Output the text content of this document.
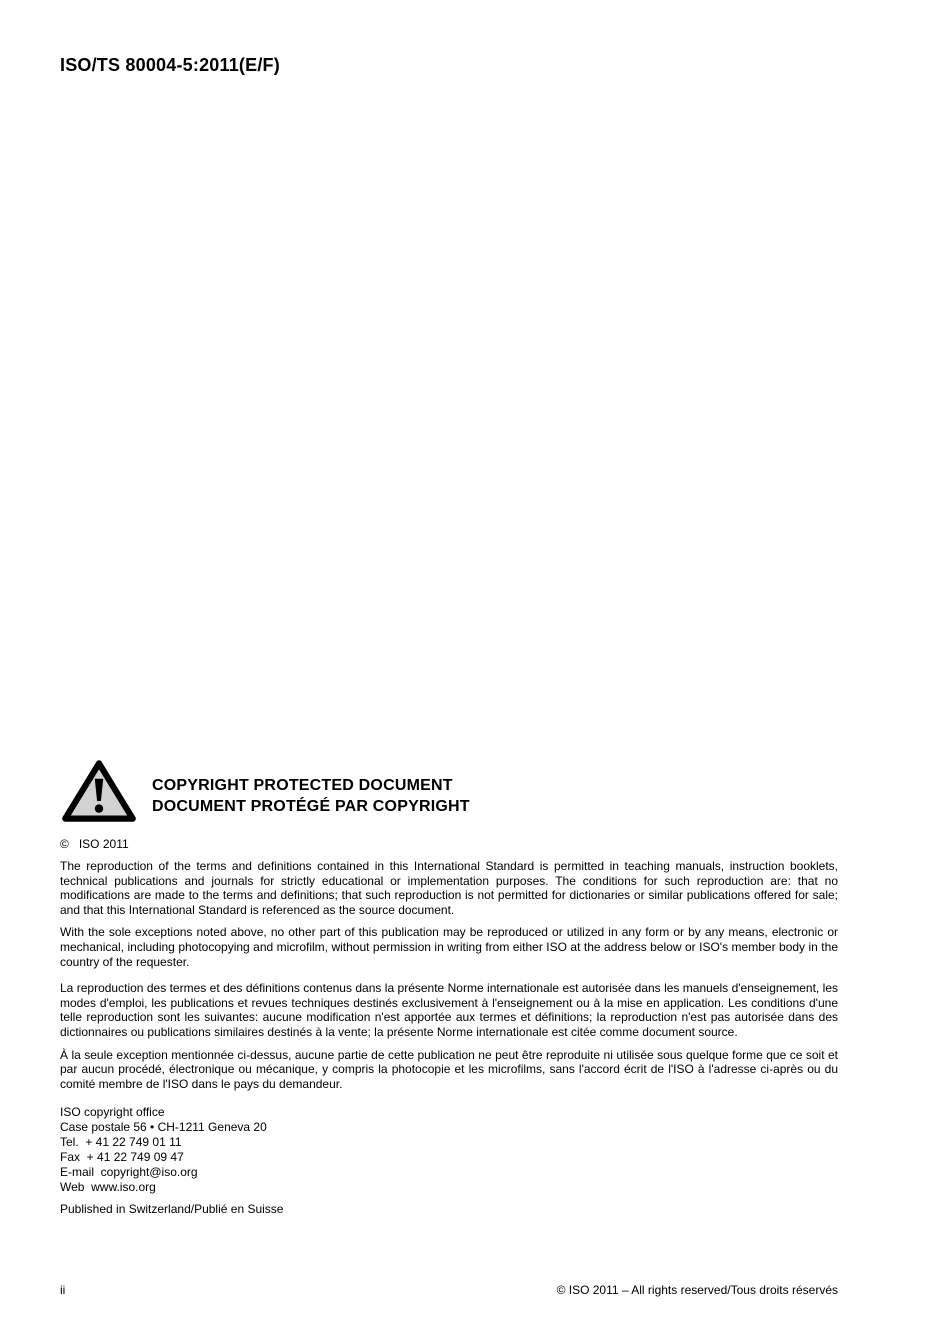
ISO/TS 80004-5:2011(E/F)
COPYRIGHT PROTECTED DOCUMENT
DOCUMENT PROTÉGÉ PAR COPYRIGHT
©   ISO 2011

The reproduction of the terms and definitions contained in this International Standard is permitted in teaching manuals, instruction booklets, technical publications and journals for strictly educational or implementation purposes. The conditions for such reproduction are: that no modifications are made to the terms and definitions; that such reproduction is not permitted for dictionaries or similar publications offered for sale; and that this International Standard is referenced as the source document.

With the sole exceptions noted above, no other part of this publication may be reproduced or utilized in any form or by any means, electronic or mechanical, including photocopying and microfilm, without permission in writing from either ISO at the address below or ISO's member body in the country of the requester.

La reproduction des termes et des définitions contenus dans la présente Norme internationale est autorisée dans les manuels d'enseignement, les modes d'emploi, les publications et revues techniques destinés exclusivement à l'enseignement ou à la mise en application. Les conditions d'une telle reproduction sont les suivantes: aucune modification n'est apportée aux termes et définitions; la reproduction n'est pas autorisée dans des dictionnaires ou publications similaires destinés à la vente; la présente Norme internationale est citée comme document source.

À la seule exception mentionnée ci-dessus, aucune partie de cette publication ne peut être reproduite ni utilisée sous quelque forme que ce soit et par aucun procédé, électronique ou mécanique, y compris la photocopie et les microfilms, sans l'accord écrit de l'ISO à l'adresse ci-après ou du comité membre de l'ISO dans le pays du demandeur.

ISO copyright office
Case postale 56 • CH-1211 Geneva 20
Tel.  + 41 22 749 01 11
Fax  + 41 22 749 09 47
E-mail  copyright@iso.org
Web  www.iso.org
Published in Switzerland/Publié en Suisse
ii	© ISO 2011 – All rights reserved/Tous droits réservés
